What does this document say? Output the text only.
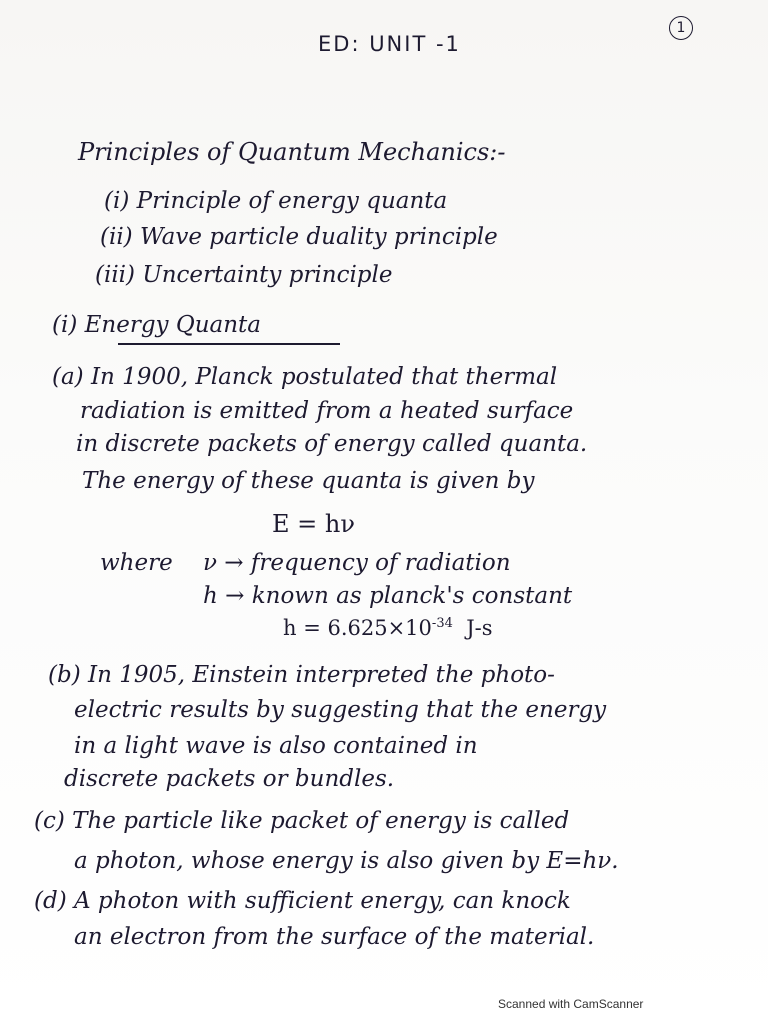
ED: UNIT -1
1
Principles of Quantum Mechanics:-
(i) Principle of energy quanta
(ii) Wave particle duality principle
(iii) Uncertainty principle
(i) Energy Quanta
(a) In 1900, Planck postulated that thermal
radiation is emitted from a heated surface
in discrete packets of energy called quanta.
The energy of these quanta is given by
E = hν
where ν → frequency of radiation
h → known as planck's constant
$h = 6.625\times 10^{-34}$ J-s
(b) In 1905, Einstein interpreted the photo-
electric results by suggesting that the energy
in a light wave is also contained in
discrete packets or bundles.
(c) The particle like packet of energy is called
a photon, whose energy is also given by E=hν.
(d) A photon with sufficient energy, can knock
an electron from the surface of the material.
Scanned with CamScanner
